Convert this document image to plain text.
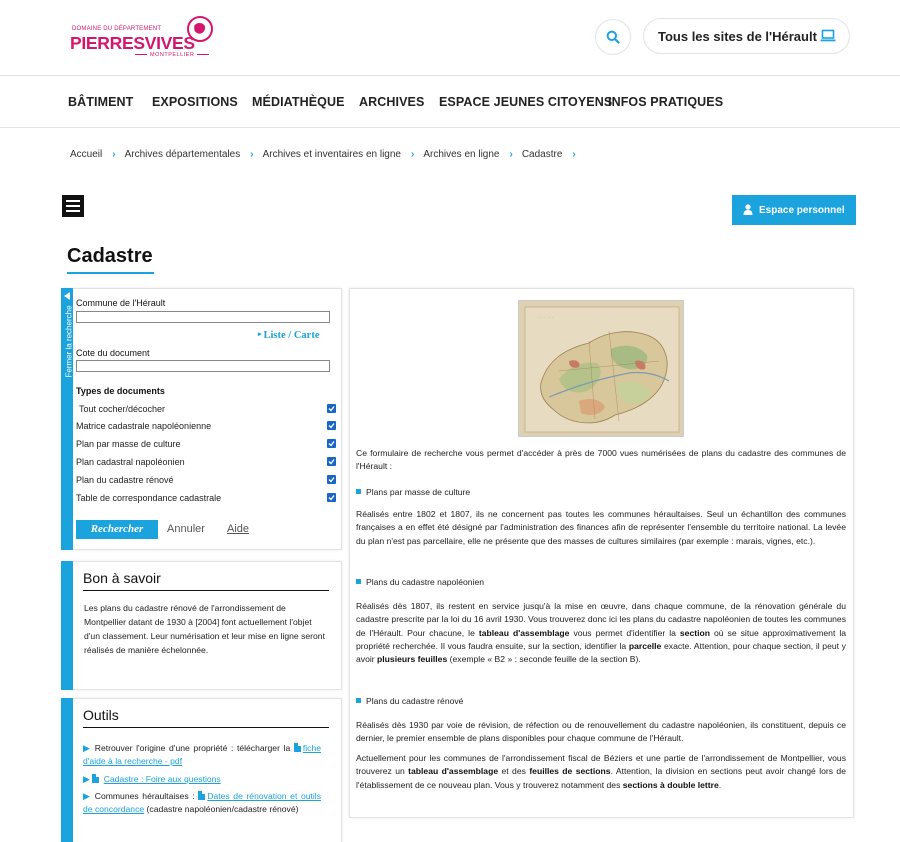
DOMAINE DU DÉPARTEMENT
PIERRESVIVES
MONTPELLIER
Tous les sites de l'Hérault
BÂTIMENT EXPOSITIONS MÉDIATHÈQUE ARCHIVES ESPACE JEUNES CITOYENS
INFOS PRATIQUES
Accueil › Archives départementales › Archives et inventaires en ligne › Archives en ligne › Cadastre ›
Espace personnel
Cadastre
Fermer la recherche
Commune de l'Hérault
▸ Liste / Carte
Cote du document
Types de documents
Tout cocher/décocher
Matrice cadastrale napoléonienne
Plan par masse de culture
Plan cadastral napoléonien
Plan du cadastre rénové
Table de correspondance cadastrale
Rechercher	Annuler Aide
Bon à savoir
Les plans du cadastre rénové de l'arrondissement de Montpellier datant de 1930 à [2004] font actuellement l'objet d'un classement. Leur numérisation et leur mise en ligne seront réalisés de manière échelonnée.
Outils
▶ Retrouver l'origine d'une propriété : télécharger la fiche d'aide à la recherche - pdf
▶ Cadastre : Foire aux questions
▶ Communes héraultaises : Dates de rénovation et outils de concordance (cadastre napoléonien/cadastre rénové)
· · · · · ·
Ce formulaire de recherche vous permet d'accéder à près de 7000 vues numérisées de plans du cadastre des communes de l'Hérault :
Plans par masse de culture
Réalisés entre 1802 et 1807, ils ne concernent pas toutes les communes héraultaises. Seul un échantillon des communes françaises a en effet été désigné par l'administration des finances afin de représenter l'ensemble du territoire national. La levée du plan n'est pas parcellaire, elle ne présente que des masses de cultures similaires (par exemple : marais, vignes, etc.).
Plans du cadastre napoléonien
Réalisés dès 1807, ils restent en service jusqu'à la mise en œuvre, dans chaque commune, de la rénovation générale du cadastre prescrite par la loi du 16 avril 1930. Vous trouverez donc ici les plans du cadastre napoléonien de toutes les communes de l'Hérault. Pour chacune, le tableau d'assemblage vous permet d'identifier la section où se situe approximativement la propriété recherchée. Il vous faudra ensuite, sur la section, identifier la parcelle exacte. Attention, pour chaque section, il peut y avoir plusieurs feuilles (exemple « B2 » : seconde feuille de la section B).
Plans du cadastre rénové
Réalisés dès 1930 par voie de révision, de réfection ou de renouvellement du cadastre napoléonien, ils constituent, depuis ce dernier, le premier ensemble de plans disponibles pour chaque commune de l'Hérault.
Actuellement pour les communes de l'arrondissement fiscal de Béziers et une partie de l'arrondissement de Montpellier, vous trouverez un tableau d'assemblage et des feuilles de sections. Attention, la division en sections peut avoir changé lors de l'établissement de ce nouveau plan. Vous y trouverez notamment des sections à double lettre.
